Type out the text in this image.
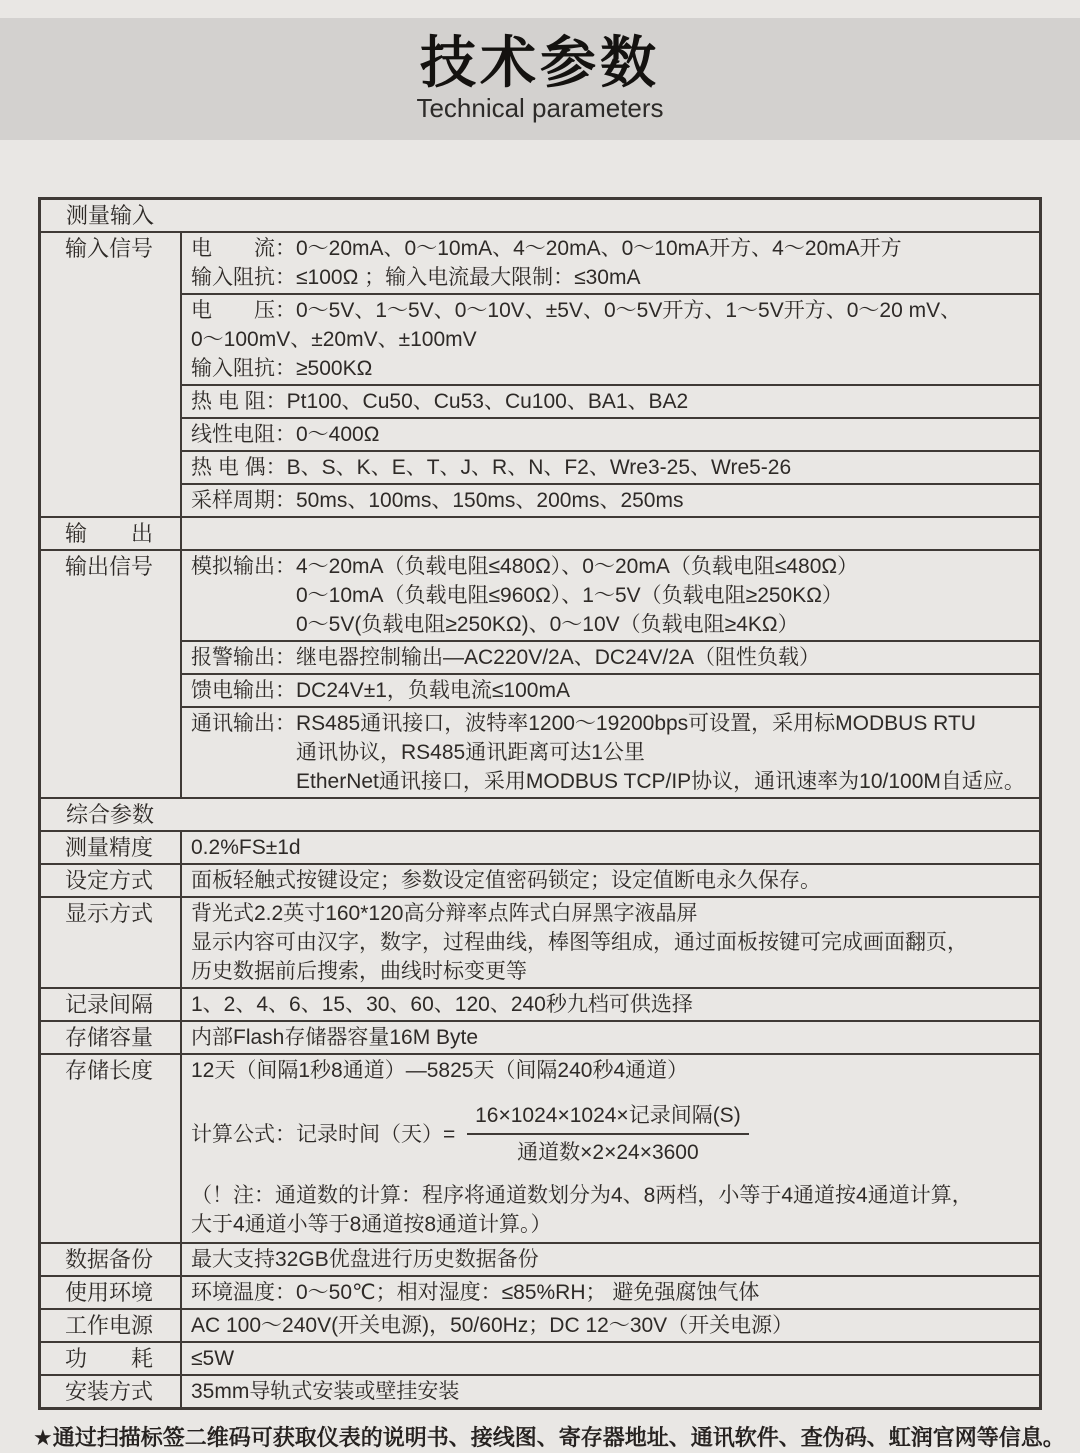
技术参数
Technical parameters
测量输入
输入信号	电　　流：0～20mA、0～10mA、4～20mA、0～10mA开方、4～20mA开方
输入阻抗：≤100Ω ；输入电流最大限制：≤30mA
电　　压：0～5V、1～5V、0～10V、±5V、0～5V开方、1～5V开方、0～20 mV、
0～100mV、±20mV、±100mV
输入阻抗：≥500KΩ
热 电 阻：Pt100、Cu50、Cu53、Cu100、BA1、BA2
线性电阻：0～400Ω
热 电 偶：B、S、K、E、T、J、R、N、F2、Wre3-25、Wre5-26
采样周期：50ms、100ms、150ms、200ms、250ms
输　　出

输出信号	模拟输出：4～20mA（负载电阻≤480Ω）、0～20mA（负载电阻≤480Ω）
　　　　　0～10mA（负载电阻≤960Ω）、1～5V（负载电阻≥250KΩ）
　　　　　0～5V(负载电阻≥250KΩ)、0～10V（负载电阻≥4KΩ）
报警输出：继电器控制输出—AC220V/2A、DC24V/2A（阻性负载）
馈电输出：DC24V±1，负载电流≤100mA
通讯输出：RS485通讯接口，波特率1200～19200bps可设置，采用标MODBUS RTU
　　　　　通讯协议，RS485通讯距离可达1公里
　　　　　EtherNet通讯接口，采用MODBUS TCP/IP协议，通讯速率为10/100M自适应。
综合参数
测量精度	0.2%FS±1d
设定方式	面板轻触式按键设定；参数设定值密码锁定；设定值断电永久保存。
显示方式	背光式2.2英寸160*120高分辩率点阵式白屏黑字液晶屏
显示内容可由汉字，数字，过程曲线，棒图等组成，通过面板按键可完成画面翻页，
历史数据前后搜索，曲线时标变更等
记录间隔	1、2、4、6、15、30、60、120、240秒九档可供选择
存储容量	内部Flash存储器容量16M Byte
存储长度	12天（间隔1秒8通道）—5825天（间隔240秒4通道）
计算公式：记录时间（天）= $\frac{\text{16×1024×1024×记录间隔(S)}}{\text{通道数×2×24×3600}}$
（！注：通道数的计算：程序将通道数划分为4、8两档，小等于4通道按4通道计算，
大于4通道小等于8通道按8通道计算。）
数据备份	最大支持32GB优盘进行历史数据备份
使用环境	环境温度：0～50℃；相对湿度：≤85%RH； 避免强腐蚀气体
工作电源	AC 100～240V(开关电源)，50/60Hz；DC 12～30V（开关电源）
功　　耗	≤5W
安装方式	35mm导轨式安装或壁挂安装
★通过扫描标签二维码可获取仪表的说明书、接线图、寄存器地址、通讯软件、查伪码、虹润官网等信息。
